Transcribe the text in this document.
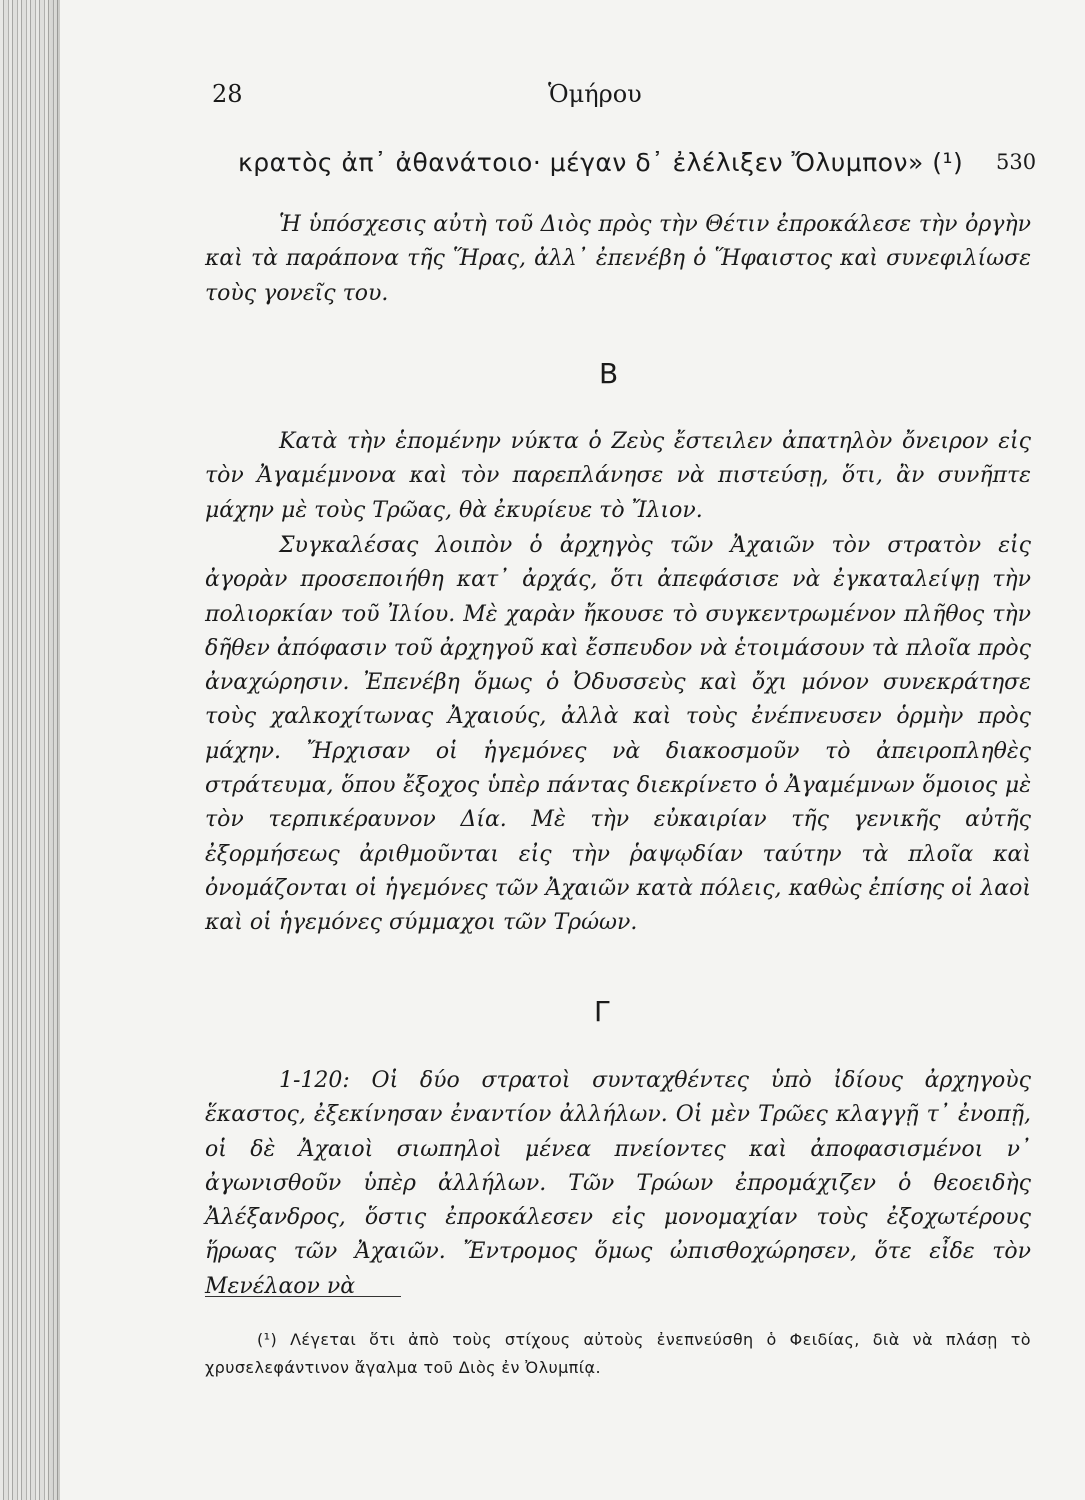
28	Ὁμήρου
κρατὸς ἀπ᾽ ἀθανάτοιο· μέγαν δ᾽ ἐλέλιξεν Ὄλυμπον» (¹) 530

Ἡ ὑπόσχεσις αὐτὴ τοῦ Διὸς πρὸς τὴν Θέτιν ἐπροκάλεσε τὴν ὀργὴν καὶ τὰ παράπονα τῆς Ἥρας, ἀλλ᾽ ἐπενέβη ὁ Ἥφαιστος καὶ συνεφιλίωσε τοὺς γονεῖς του.

Β

Κατὰ τὴν ἑπομένην νύκτα ὁ Ζεὺς ἔστειλεν ἀπατηλὸν ὄνειρον εἰς τὸν Ἀγαμέμνονα καὶ τὸν παρεπλάνησε νὰ πιστεύσῃ, ὅτι, ἂν συνῆπτε μάχην μὲ τοὺς Τρῶας, θὰ ἐκυρίευε τὸ Ἴλιον.

Συγκαλέσας λοιπὸν ὁ ἀρχηγὸς τῶν Ἀχαιῶν τὸν στρατὸν εἰς ἀγορὰν προσεποιήθη κατ᾽ ἀρχάς, ὅτι ἀπεφάσισε νὰ ἐγκαταλείψῃ τὴν πολιορκίαν τοῦ Ἰλίου. Μὲ χαρὰν ἤκουσε τὸ συγκεντρωμένον πλῆθος τὴν δῆθεν ἀπόφασιν τοῦ ἀρχηγοῦ καὶ ἔσπευδον νὰ ἑτοιμάσουν τὰ πλοῖα πρὸς ἀναχώρησιν. Ἐπενέβη ὅμως ὁ Ὀδυσσεὺς καὶ ὄχι μόνον συνεκράτησε τοὺς χαλκοχίτωνας Ἀχαιούς, ἀλλὰ καὶ τοὺς ἐνέπνευσεν ὁρμὴν πρὸς μάχην. Ἤρχισαν οἱ ἡγεμόνες νὰ διακοσμοῦν τὸ ἀπειροπληθὲς στράτευμα, ὅπου ἔξοχος ὑπὲρ πάντας διεκρίνετο ὁ Ἀγαμέμνων ὅμοιος μὲ τὸν τερπικέραυνον Δία. Μὲ τὴν εὐκαιρίαν τῆς γενικῆς αὐτῆς ἐξορμήσεως ἀριθμοῦνται εἰς τὴν ῥαψῳδίαν ταύτην τὰ πλοῖα καὶ ὀνομάζονται οἱ ἡγεμόνες τῶν Ἀχαιῶν κατὰ πόλεις, καθὼς ἐπίσης οἱ λαοὶ καὶ οἱ ἡγεμόνες σύμμαχοι τῶν Τρώων.

Γ

1-120: Οἱ δύο στρατοὶ συνταχθέντες ὑπὸ ἰδίους ἀρχηγοὺς ἕκαστος, ἐξεκίνησαν ἐναντίον ἀλλήλων. Οἱ μὲν Τρῶες κλαγγῇ τ᾽ ἐνοπῇ, οἱ δὲ Ἀχαιοὶ σιωπηλοὶ μένεα πνείοντες καὶ ἀποφασισμένοι ν᾽ ἀγωνισθοῦν ὑπὲρ ἀλλήλων. Τῶν Τρώων ἐπρομάχιζεν ὁ θεοειδὴς Ἀλέξανδρος, ὅστις ἐπροκάλεσεν εἰς μονομαχίαν τοὺς ἐξοχωτέρους ἥρωας τῶν Ἀχαιῶν. Ἔντρομος ὅμως ὠπισθοχώρησεν, ὅτε εἶδε τὸν Μενέλαον νὰ

(¹) Λέγεται ὅτι ἀπὸ τοὺς στίχους αὐτοὺς ἐνεπνεύσθη ὁ Φειδίας, διὰ νὰ πλάσῃ τὸ χρυσελεφάντινον ἄγαλμα τοῦ Διὸς ἐν Ὀλυμπίᾳ.
